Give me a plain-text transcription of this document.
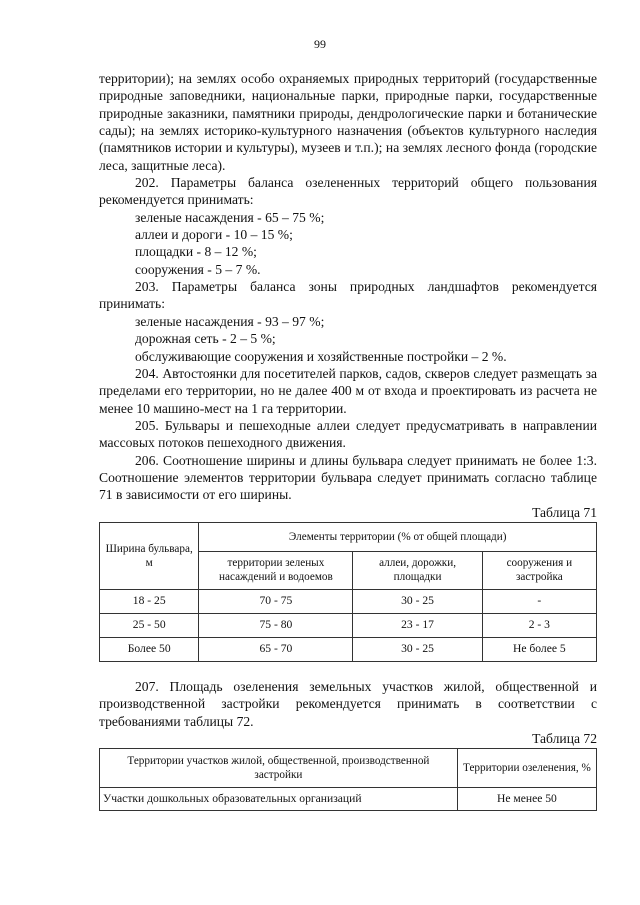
99

территории); на землях особо охраняемых природных территорий (государственные природные заповедники, национальные парки, природные парки, государственные природные заказники, памятники природы, дендрологические парки и ботанические сады); на землях историко-культурного назначения (объектов культурного наследия (памятников истории и культуры), музеев и т.п.); на землях лесного фонда (городские леса, защитные леса).

202. Параметры баланса озелененных территорий общего пользования рекомендуется принимать:

зеленые насаждения - 65 – 75 %;

аллеи и дороги - 10 – 15 %;

площадки - 8 – 12 %;

сооружения - 5 – 7 %.

203. Параметры баланса зоны природных ландшафтов рекомендуется принимать:

зеленые насаждения - 93 – 97 %;

дорожная сеть - 2 – 5 %;

обслуживающие сооружения и хозяйственные постройки – 2 %.

204. Автостоянки для посетителей парков, садов, скверов следует размещать за пределами его территории, но не далее 400 м от входа и проектировать из расчета не менее 10 машино-мест на 1 га территории.

205. Бульвары и пешеходные аллеи следует предусматривать в направлении массовых потоков пешеходного движения.

206. Соотношение ширины и длины бульвара следует принимать не более 1:3. Соотношение элементов территории бульвара следует принимать согласно таблице 71 в зависимости от его ширины.

Таблица 71
Ширина бульвара, м	Элементы территории (% от общей площади)		
	территории зеленых насаждений и водоемов	аллеи, дорожки, площадки	сооружения и застройка
18 - 25	70 - 75	30 - 25	-
25 - 50	75 - 80	23 - 17	2 - 3
Более 50	65 - 70	30 - 25	Не более 5

207. Площадь озеленения земельных участков жилой, общественной и производственной застройки рекомендуется принимать в соответствии с требованиями таблицы 72.

Таблица 72
Территории участков жилой, общественной, производственной застройки	Территории озеленения, %
Участки дошкольных образовательных организаций	Не менее 50
